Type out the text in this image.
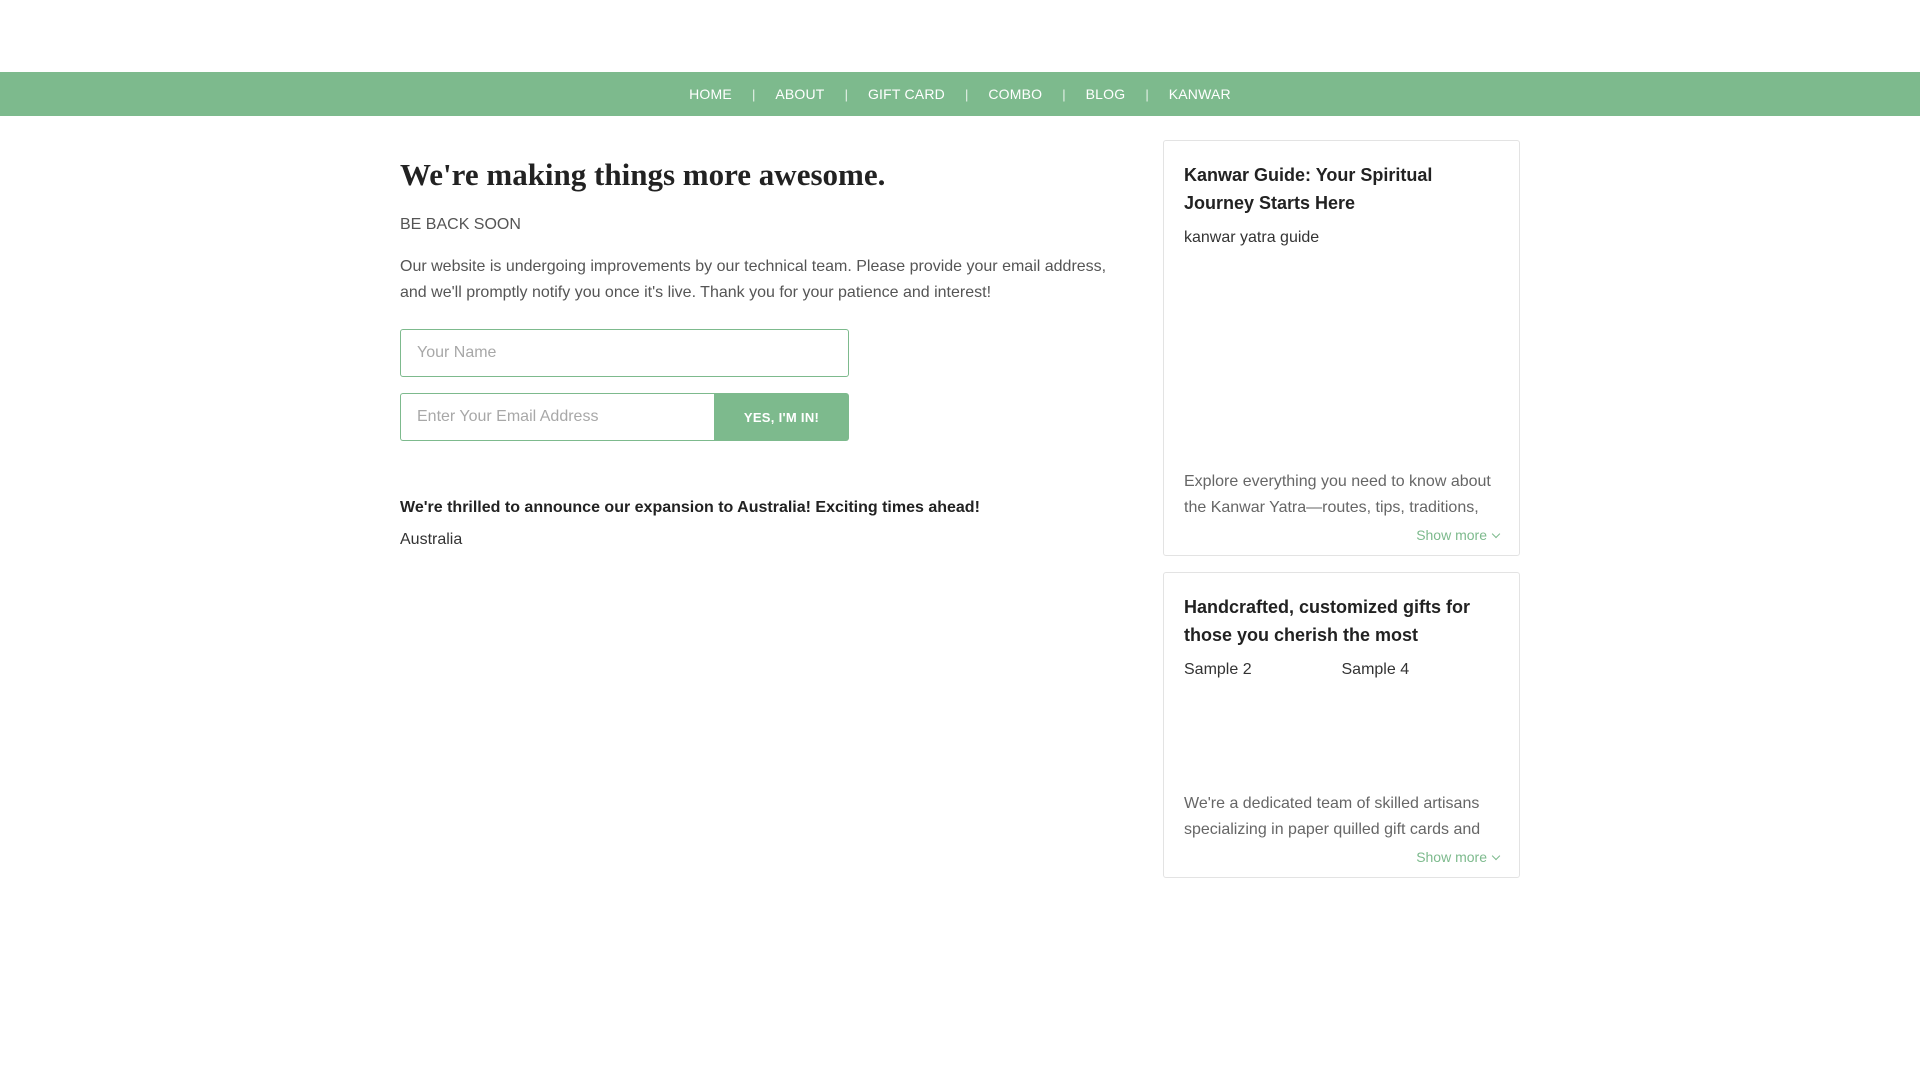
HOME | ABOUT | GIFT CARD | COMBO | BLOG | KANWAR
We're making things more awesome.

BE BACK SOON

Our website is undergoing improvements by our technical team. Please provide your email address, and we'll promptly notify you once it's live. Thank you for your patience and interest!

Your Name
Enter Your Email Address
YES, I'M IN!

We're thrilled to announce our expansion to Australia! Exciting times ahead!

Australia
Kanwar Guide: Your Spiritual Journey Starts Here
kanwar yatra guide

Explore everything you need to know about the Kanwar Yatra—routes, tips, traditions,

Show more
Handcrafted, customized gifts for those you cherish the most
Sample 2	Sample 4

We're a dedicated team of skilled artisans specializing in paper quilled gift cards and

Show more
